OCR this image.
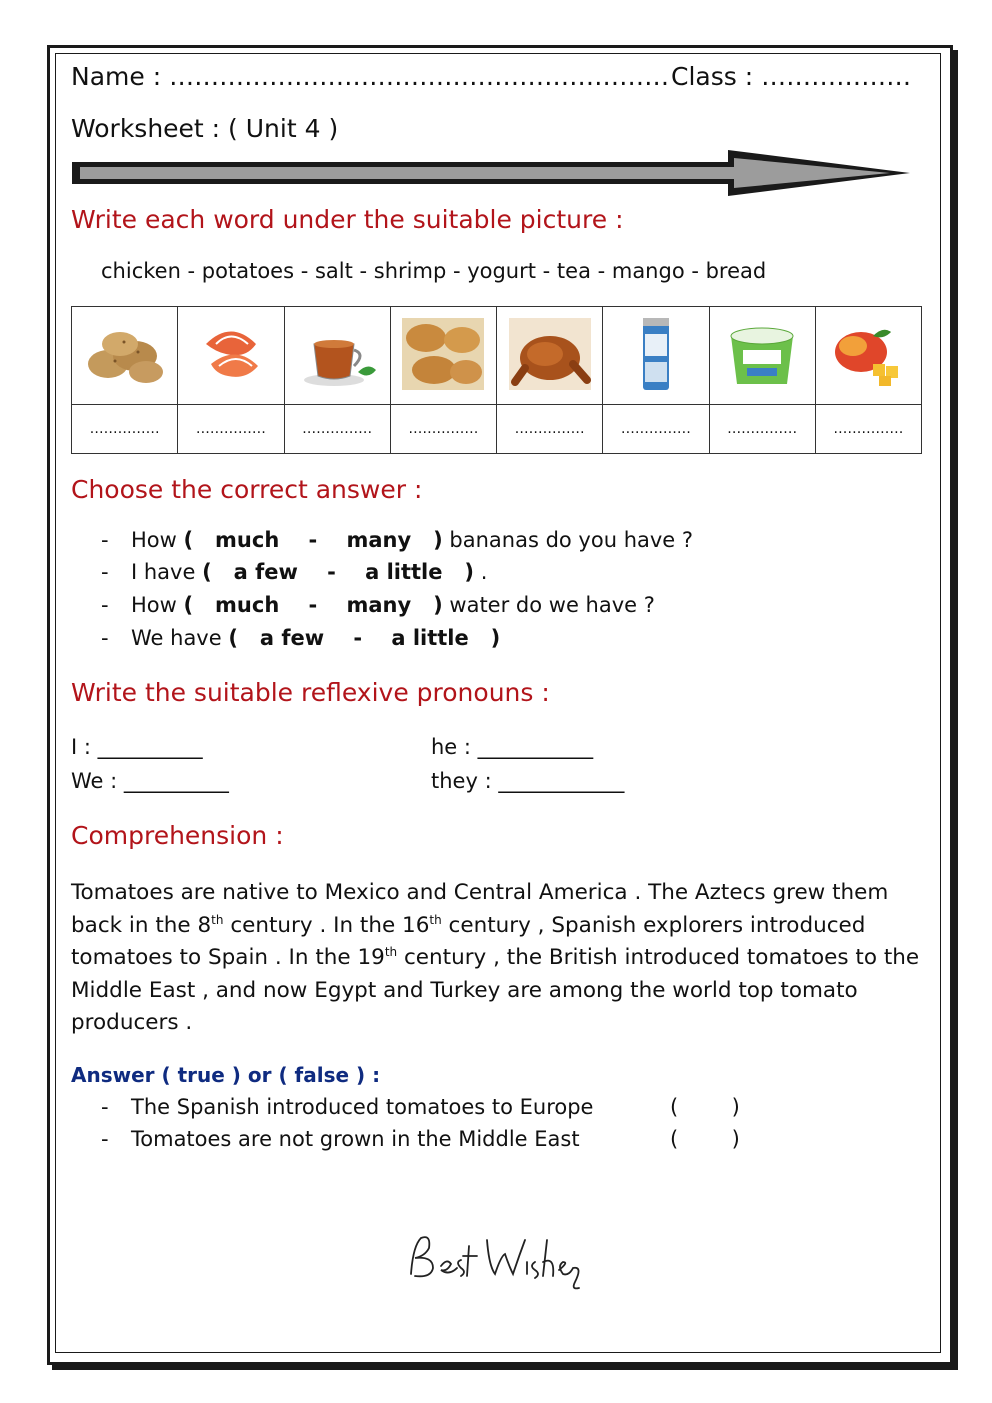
Name : …………………………………………………… Class : ………………
Worksheet : ( Unit 4 )
Write each word under the suitable picture :
chicken - potatoes - salt - shrimp - yogurt - tea - mango - bread

……………	……………	……………	……………	……………	……………	……………	……………
Choose the correct answer :
- How (   much    -    many   ) bananas do you have ?
- I have (   a few    -    a little   ) .
- How (   much    -    many   ) water do we have ?
- We have (   a few    -    a little   )
Write the suitable reflexive pronouns :
I : __________	he : ___________
We : __________	they : ____________
Comprehension :
Tomatoes are native to Mexico and Central America . The Aztecs grew them back in the 8th century . In the 16th century , Spanish explorers introduced tomatoes to Spain . In the 19th century , the British introduced tomatoes to the Middle East , and now Egypt and Turkey are among the world top tomato producers .
Answer ( true ) or ( false ) :
- The Spanish introduced tomatoes to Europe	(        )
- Tomatoes are not grown in the Middle East	(        )
